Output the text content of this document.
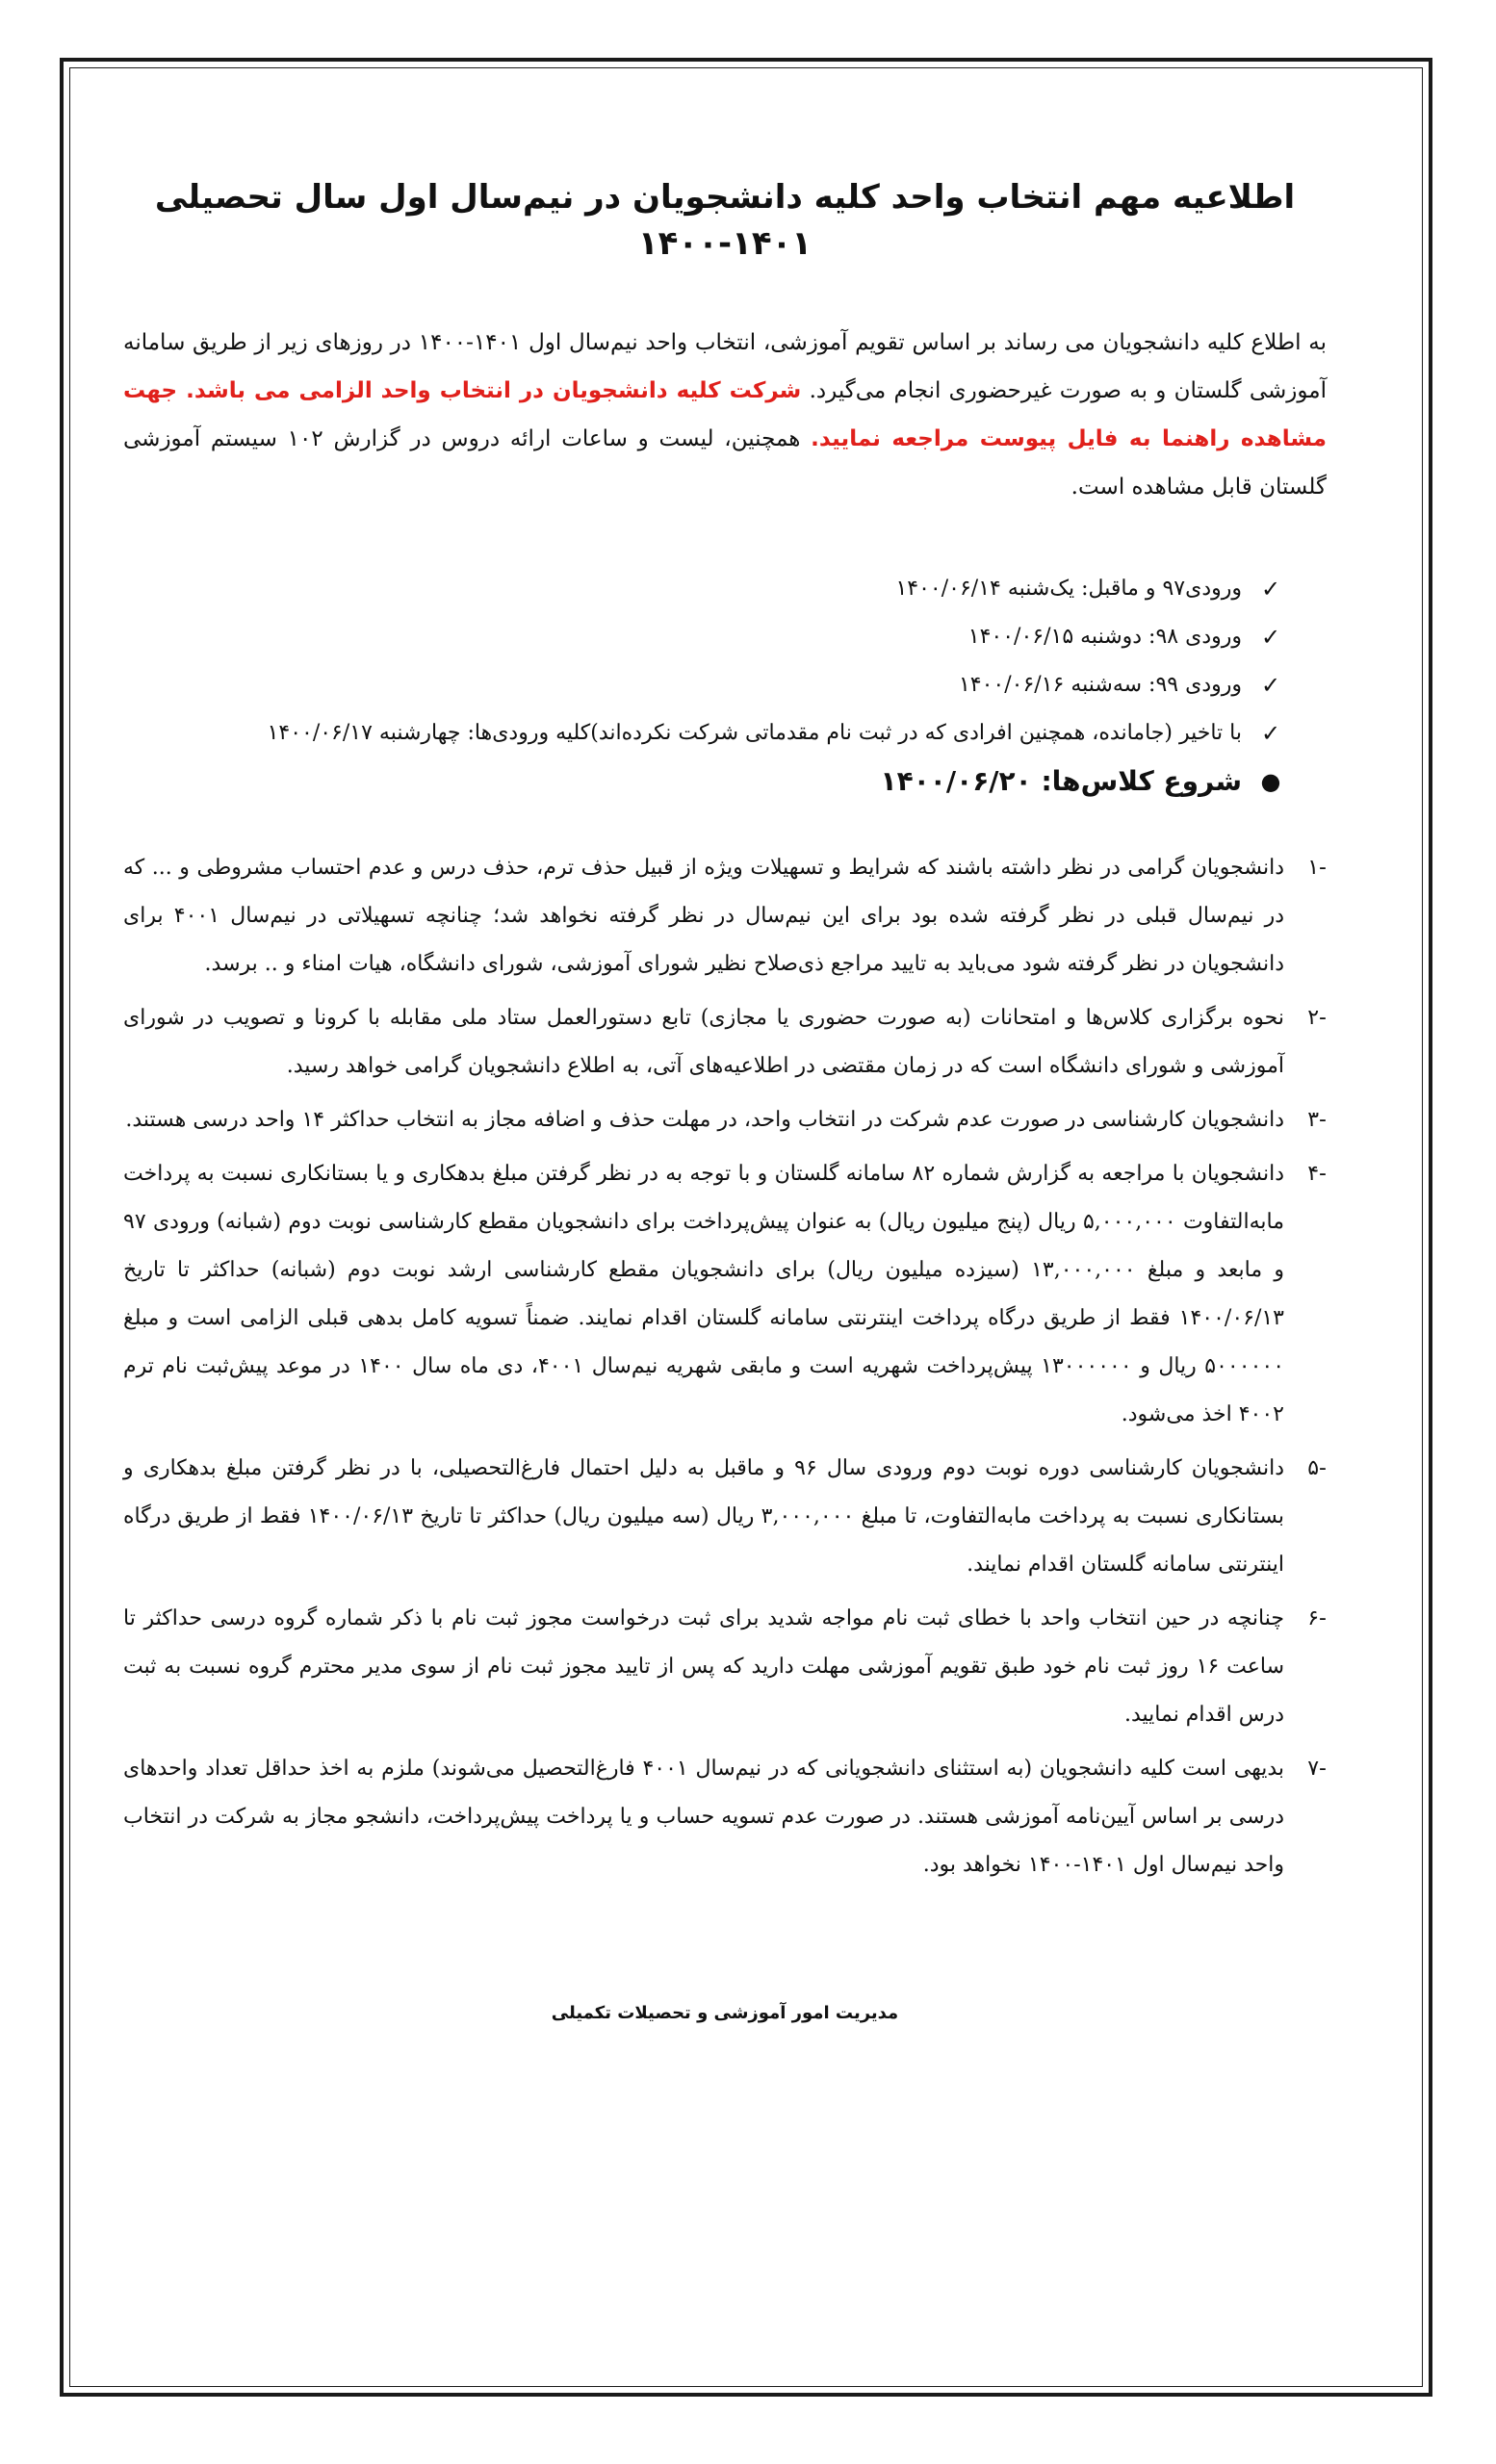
اطلاعیه مهم انتخاب واحد کلیه دانشجویان در نیم‌سال اول سال تحصیلی ۱۴۰۱-۱۴۰۰

به اطلاع کلیه دانشجویان می رساند بر اساس تقویم آموزشی، انتخاب واحد نیم‌سال اول ۱۴۰۱-۱۴۰۰ در روزهای زیر از طریق سامانه آموزشی گلستان و به صورت غیرحضوری انجام می‌گیرد. شرکت کلیه دانشجویان در انتخاب واحد الزامی می باشد. جهت مشاهده راهنما به فایل پیوست مراجعه نمایید. همچنین، لیست و ساعات ارائه دروس در گزارش ۱۰۲ سیستم آموزشی گلستان قابل مشاهده است.

✓
ورودی۹۷ و ماقبل: یک‌شنبه ۱۴۰۰/۰۶/۱۴
✓
ورودی ۹۸: دوشنبه ۱۴۰۰/۰۶/۱۵
✓
ورودی ۹۹: سه‌شنبه ۱۴۰۰/۰۶/۱۶
✓
با تاخیر (جامانده، همچنین افرادی که در ثبت نام مقدماتی شرکت نکرده‌اند)کلیه ورودی‌ها: چهارشنبه ۱۴۰۰/۰۶/۱۷
●
شروع کلاس‌ها: ۱۴۰۰/۰۶/۲۰
-۱
دانشجویان گرامی در نظر داشته باشند که شرایط و تسهیلات ویژه از قبیل حذف ترم، حذف درس و عدم احتساب مشروطی و ... که در نیم‌سال قبلی در نظر گرفته شده بود برای این نیم‌سال در نظر گرفته نخواهد شد؛ چنانچه تسهیلاتی در نیم‌سال ۴۰۰۱ برای دانشجویان در نظر گرفته شود می‌باید به تایید مراجع ذی‌صلاح نظیر شورای آموزشی، شورای دانشگاه، هیات امناء و .. برسد.
-۲
نحوه برگزاری کلاس‌ها و امتحانات (به صورت حضوری یا مجازی) تابع دستورالعمل ستاد ملی مقابله با کرونا و تصویب در شورای آموزشی و شورای دانشگاه است که در زمان مقتضی در اطلاعیه‌های آتی، به اطلاع دانشجویان گرامی خواهد رسید.
-۳
دانشجویان کارشناسی در صورت عدم شرکت در انتخاب واحد، در مهلت حذف و اضافه مجاز به انتخاب حداکثر ۱۴ واحد درسی هستند.
-۴
دانشجویان با مراجعه به گزارش شماره ۸۲ سامانه گلستان و با توجه به در نظر گرفتن مبلغ بدهکاری و یا بستانکاری نسبت به پرداخت مابه‌التفاوت ۵,۰۰۰,۰۰۰ ریال (پنج میلیون ریال) به عنوان پیش‌پرداخت برای دانشجویان مقطع کارشناسی نوبت دوم (شبانه) ورودی ۹۷ و مابعد و مبلغ ۱۳,۰۰۰,۰۰۰ (سیزده میلیون ریال) برای دانشجویان مقطع کارشناسی ارشد نوبت دوم (شبانه) حداکثر تا تاریخ ۱۴۰۰/۰۶/۱۳ فقط از طریق درگاه پرداخت اینترنتی سامانه گلستان اقدام نمایند. ضمناً تسویه کامل بدهی قبلی الزامی است و مبلغ ۵۰۰۰۰۰۰ ریال و ۱۳۰۰۰۰۰۰ پیش‌پرداخت شهریه است و مابقی شهریه نیم‌سال ۴۰۰۱، دی ماه سال ۱۴۰۰ در موعد پیش‌ثبت نام ترم ۴۰۰۲ اخذ می‌شود.
-۵
دانشجویان کارشناسی دوره نوبت دوم ورودی سال ۹۶ و ماقبل به دلیل احتمال فارغ‌التحصیلی، با در نظر گرفتن مبلغ بدهکاری و بستانکاری نسبت به پرداخت مابه‌التفاوت، تا مبلغ ۳,۰۰۰,۰۰۰ ریال (سه میلیون ریال) حداکثر تا تاریخ ۱۴۰۰/۰۶/۱۳ فقط از طریق درگاه اینترنتی سامانه گلستان اقدام نمایند.
-۶
چنانچه در حین انتخاب واحد با خطای ثبت نام مواجه شدید برای ثبت درخواست مجوز ثبت نام با ذکر شماره گروه درسی حداکثر تا ساعت ۱۶ روز ثبت نام خود طبق تقویم آموزشی مهلت دارید که پس از تایید مجوز ثبت نام از سوی مدیر محترم گروه نسبت به ثبت درس اقدام نمایید.
-۷
بدیهی است کلیه دانشجویان (به استثنای دانشجویانی که در نیم‌سال ۴۰۰۱ فارغ‌التحصیل می‌شوند) ملزم به اخذ حداقل تعداد واحدهای درسی بر اساس آیین‌نامه آموزشی هستند. در صورت عدم تسویه حساب و یا پرداخت پیش‌پرداخت، دانشجو مجاز به شرکت در انتخاب واحد نیم‌سال اول ۱۴۰۱-۱۴۰۰ نخواهد بود.
مدیریت امور آموزشی و تحصیلات تکمیلی
